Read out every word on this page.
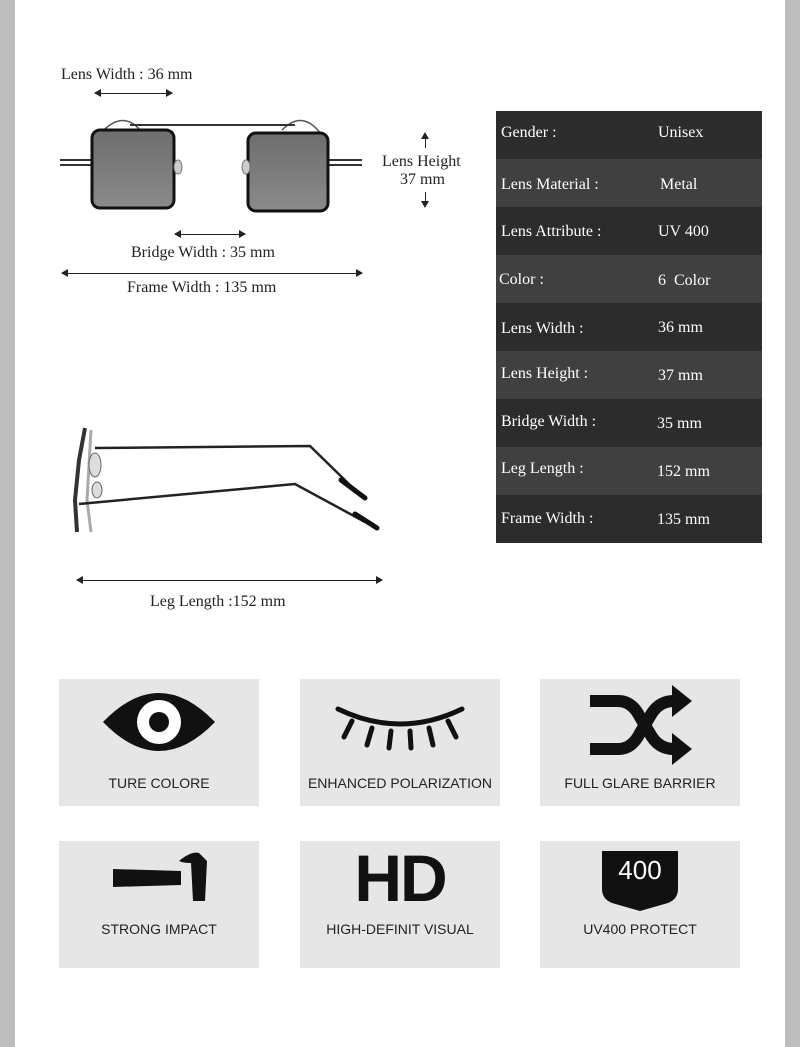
Lens Width : 36 mm
Lens Height
37 mm
Bridge Width : 35 mm
Frame Width : 135 mm
Leg Length :152 mm
Gender :	Unisex
Lens Material :	Metal
Lens Attribute :	UV 400
Color :	6  Color
Lens Width :	36 mm
Lens Height :	37 mm
Bridge Width :	35 mm
Leg Length :	152 mm
Frame Width :	135 mm
TURE COLORE	ENHANCED POLARIZATION	FULL GLARE BARRIER
STRONG IMPACT
HD
HIGH-DEFINIT VISUAL
400
UV400 PROTECT
